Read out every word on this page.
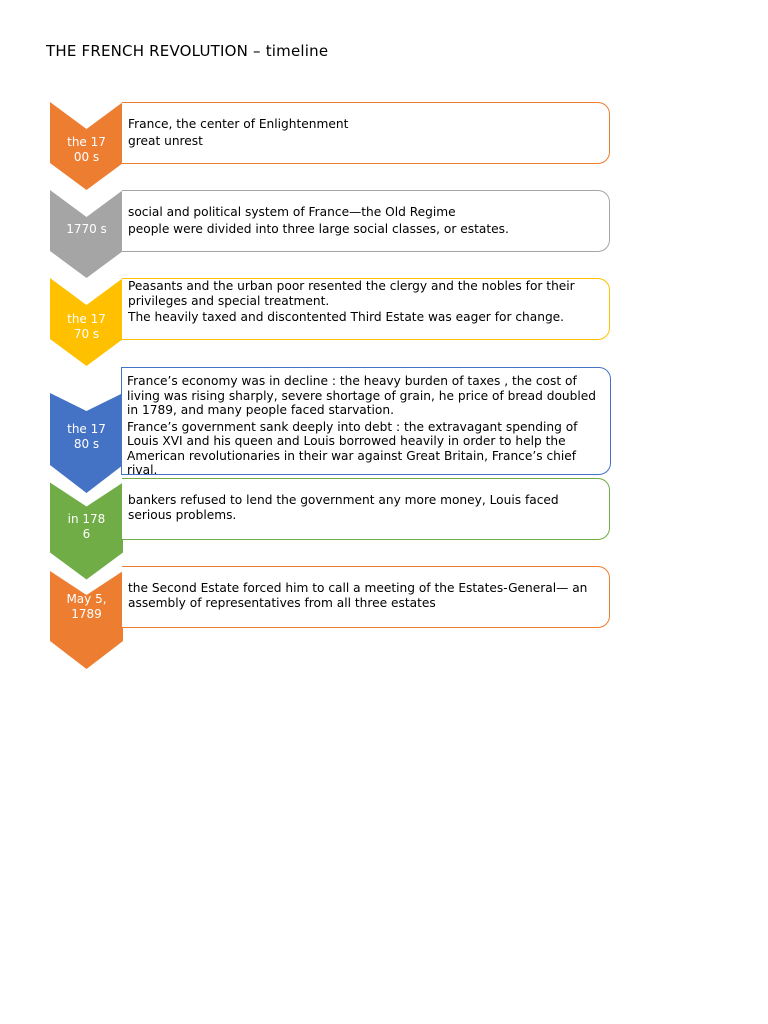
THE FRENCH REVOLUTION – timeline
the 1700 s

France, the center of Enlightenment

great unrest

1770 s

social and political system of France—the Old Regime

people were divided into three large social classes, or estates.

the 1770 s

Peasants and the urban poor resented the clergy and the nobles for their privileges and special treatment.

The heavily taxed and discontented Third Estate was eager for change.

the 1780 s

France’s economy was in decline : the heavy burden of taxes , the cost of living was rising sharply, severe shortage of grain, he price of bread doubled in 1789, and many people faced starvation.

France’s government sank deeply into debt : the extravagant spending of Louis XVI and his queen and Louis borrowed heavily in order to help the American revolutionaries in their war against Great Britain, France’s chief rival.

in 1786

bankers refused to lend the government any more money, Louis faced serious problems.

May 5, 1789

the Second Estate forced him to call a meeting of the Estates-General— an assembly of representatives from all three estates
